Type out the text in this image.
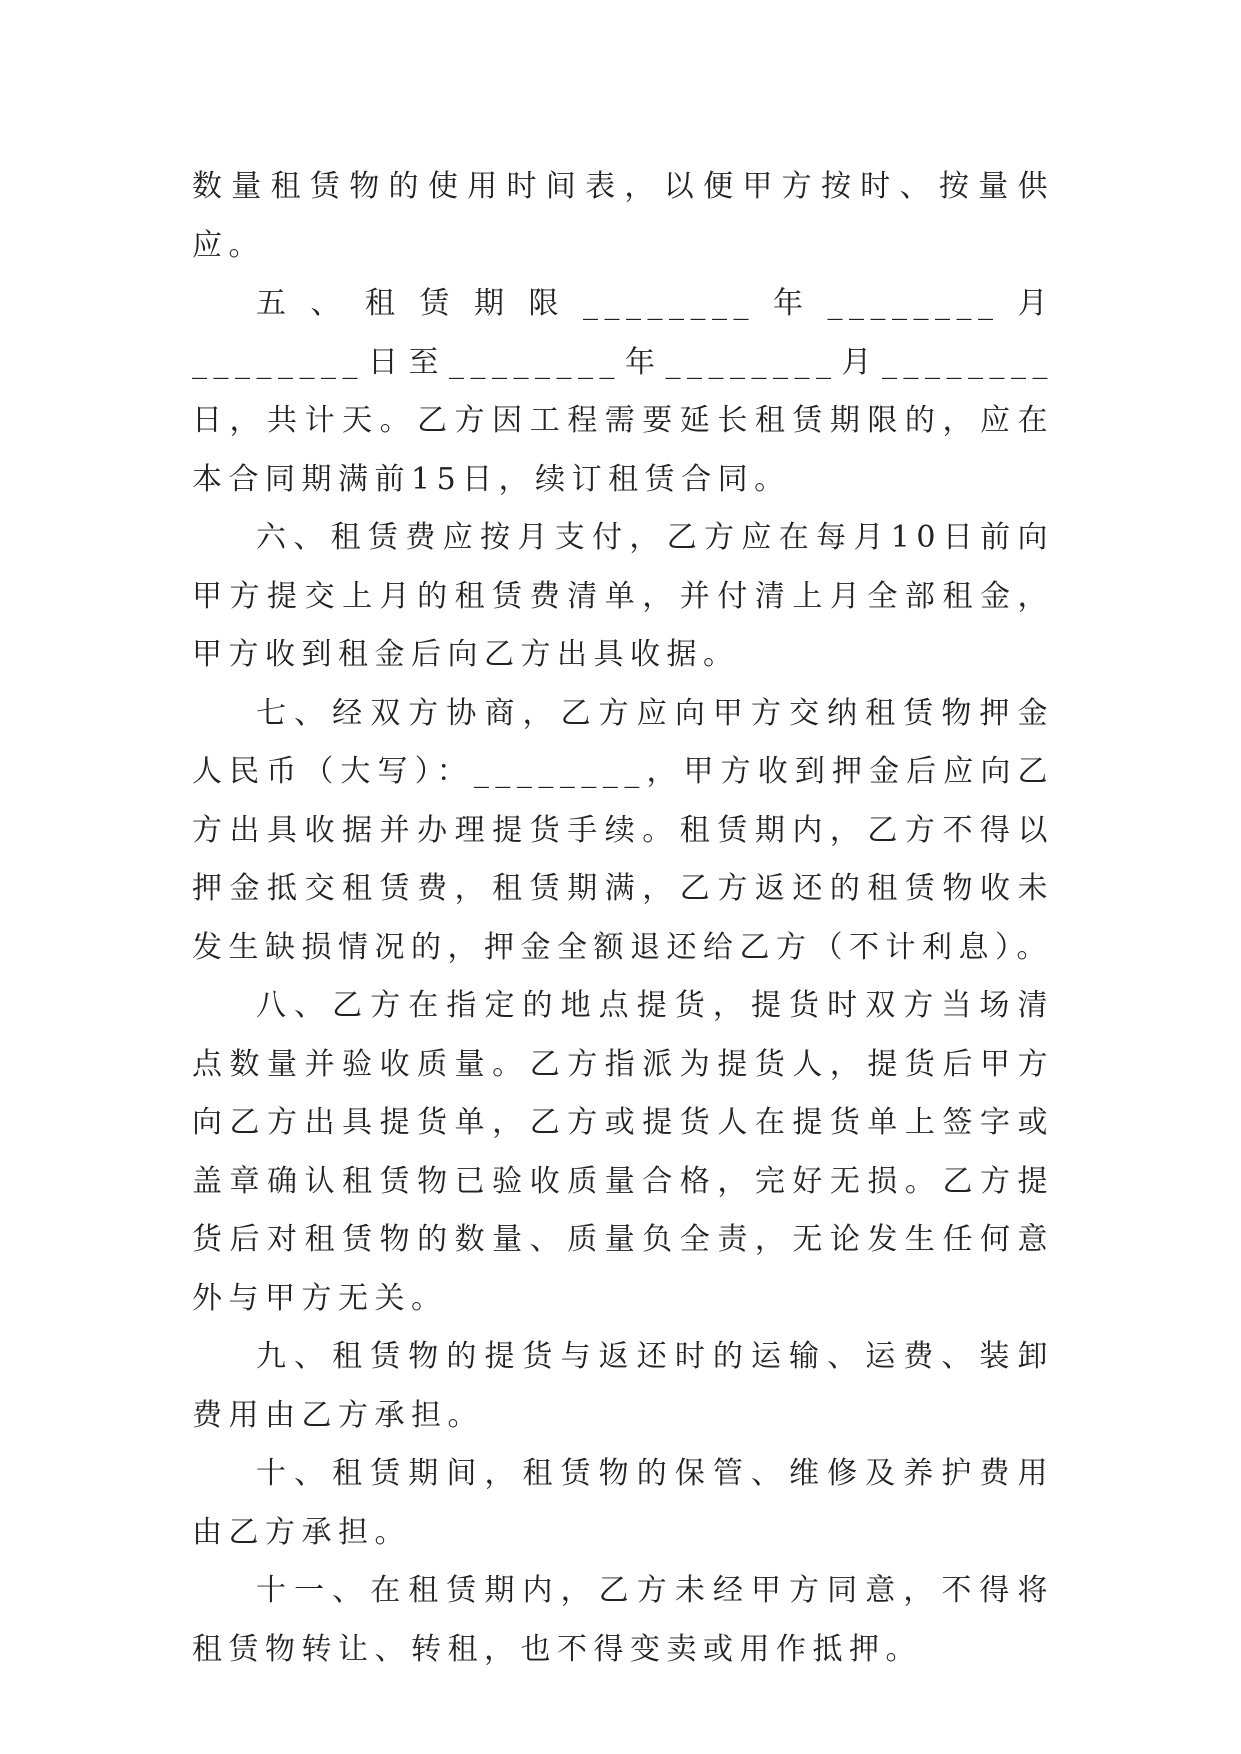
数量租赁物的使用时间表，以便甲方按时、按量供应。

五、租赁期限________年________月________日至________年________月________日，共计天。乙方因工程需要延长租赁期限的，应在本合同期满前15日，续订租赁合同。

六、租赁费应按月支付，乙方应在每月10日前向甲方提交上月的租赁费清单，并付清上月全部租金，甲方收到租金后向乙方出具收据。

七、经双方协商，乙方应向甲方交纳租赁物押金人民币（大写）：________，甲方收到押金后应向乙方出具收据并办理提货手续。租赁期内，乙方不得以押金抵交租赁费，租赁期满，乙方返还的租赁物收未发生缺损情况的，押金全额退还给乙方（不计利息）。

八、乙方在指定的地点提货，提货时双方当场清点数量并验收质量。乙方指派为提货人，提货后甲方向乙方出具提货单，乙方或提货人在提货单上签字或盖章确认租赁物已验收质量合格，完好无损。乙方提货后对租赁物的数量、质量负全责，无论发生任何意外与甲方无关。

九、租赁物的提货与返还时的运输、运费、装卸费用由乙方承担。

十、租赁期间，租赁物的保管、维修及养护费用由乙方承担。

十一、在租赁期内，乙方未经甲方同意，不得将租赁物转让、转租，也不得变卖或用作抵押。
